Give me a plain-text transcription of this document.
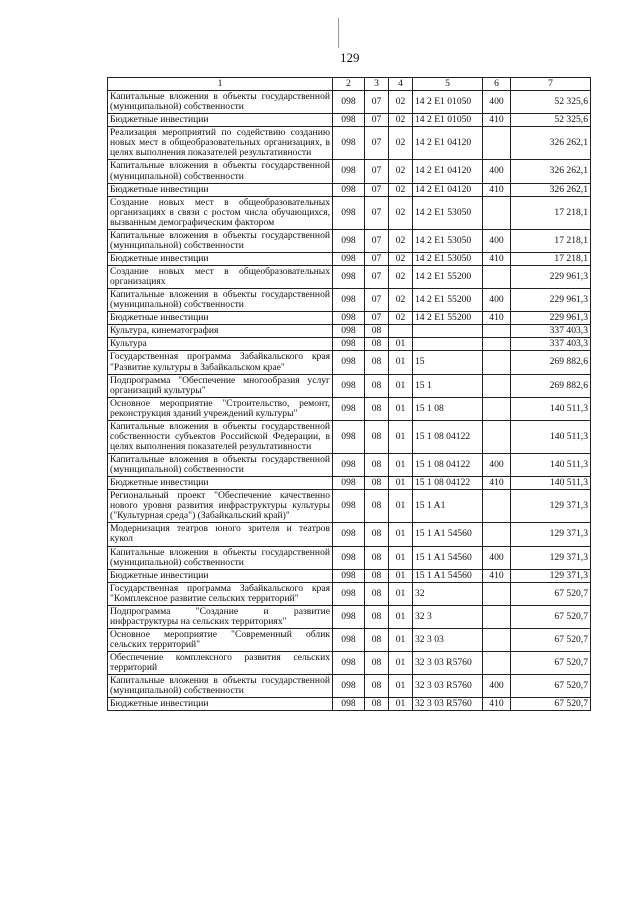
129
1	2	3	4	5	6	7
Капитальные вложения в объекты государственной (муниципальной) собственности	098	07	02	14 2 E1 01050	400	52 325,6
Бюджетные инвестиции	098	07	02	14 2 E1 01050	410	52 325,6
Реализация мероприятий по содействию созданию новых мест в общеобразовательных организациях, в целях выполнения показателей результативности	098	07	02	14 2 E1 04120		326 262,1
Капитальные вложения в объекты государственной (муниципальной) собственности	098	07	02	14 2 E1 04120	400	326 262,1
Бюджетные инвестиции	098	07	02	14 2 E1 04120	410	326 262,1
Создание новых мест в общеобразовательных организациях в связи с ростом числа обучающихся, вызванным демографическим фактором	098	07	02	14 2 E1 53050		17 218,1
Капитальные вложения в объекты государственной (муниципальной) собственности	098	07	02	14 2 E1 53050	400	17 218,1
Бюджетные инвестиции	098	07	02	14 2 E1 53050	410	17 218,1
Создание новых мест в общеобразовательных организациях	098	07	02	14 2 E1 55200		229 961,3
Капитальные вложения в объекты государственной (муниципальной) собственности	098	07	02	14 2 E1 55200	400	229 961,3
Бюджетные инвестиции	098	07	02	14 2 E1 55200	410	229 961,3
Культура, кинематография	098	08				337 403,3
Культура	098	08	01			337 403,3
Государственная программа Забайкальского края "Развитие культуры в Забайкальском крае"	098	08	01	15		269 882,6
Подпрограмма "Обеспечение многообразия услуг организаций культуры"	098	08	01	15 1		269 882,6
Основное мероприятие "Строительство, ремонт, реконструкция зданий учреждений культуры"	098	08	01	15 1 08		140 511,3
Капитальные вложения в объекты государственной собственности субъектов Российской Федерации, в целях выполнения показателей результативности	098	08	01	15 1 08 04122		140 511,3
Капитальные вложения в объекты государственной (муниципальной) собственности	098	08	01	15 1 08 04122	400	140 511,3
Бюджетные инвестиции	098	08	01	15 1 08 04122	410	140 511,3
Региональный проект "Обеспечение качественно нового уровня развития инфраструктуры культуры ("Культурная среда") (Забайкальский край)"	098	08	01	15 1 A1		129 371,3
Модернизация театров юного зрителя и театров кукол	098	08	01	15 1 A1 54560		129 371,3
Капитальные вложения в объекты государственной (муниципальной) собственности	098	08	01	15 1 A1 54560	400	129 371,3
Бюджетные инвестиции	098	08	01	15 1 A1 54560	410	129 371,3
Государственная программа Забайкальского края "Комплексное развитие сельских территорий"	098	08	01	32		67 520,7
Подпрограмма "Создание и развитие инфраструктуры на сельских территориях"	098	08	01	32 3		67 520,7
Основное мероприятие "Современный облик сельских территорий"	098	08	01	32 3 03		67 520,7
Обеспечение комплексного развития сельских территорий	098	08	01	32 3 03 R5760		67 520,7
Капитальные вложения в объекты государственной (муниципальной) собственности	098	08	01	32 3 03 R5760	400	67 520,7
Бюджетные инвестиции	098	08	01	32 3 03 R5760	410	67 520,7
